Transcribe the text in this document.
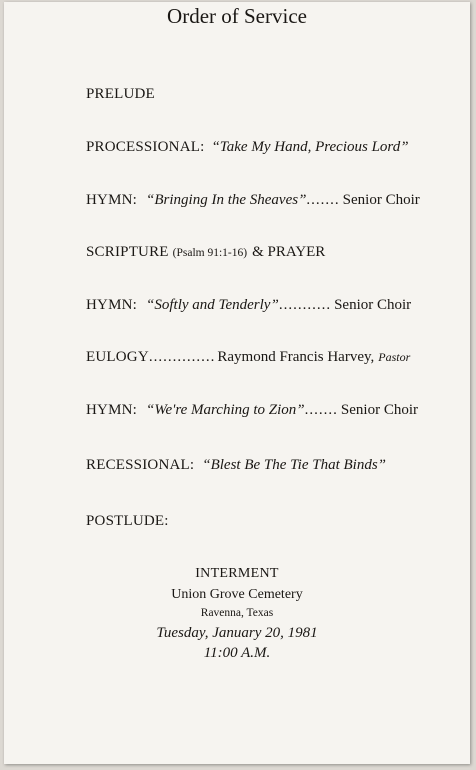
Order of Service
PRELUDE
PROCESSIONAL: “Take My Hand, Precious Lord”
HYMN: “Bringing In the Sheaves” ....... Senior Choir
SCRIPTURE (Psalm 91:1-16) & PRAYER
HYMN: “Softly and Tenderly” ........... Senior Choir
EULOGY .............. Raymond Francis Harvey, Pastor
HYMN: “We're Marching to Zion” ....... Senior Choir
RECESSIONAL: “Blest Be The Tie That Binds”
POSTLUDE:
INTERMENT
Union Grove Cemetery
Ravenna, Texas
Tuesday, January 20, 1981
11:00 A.M.
